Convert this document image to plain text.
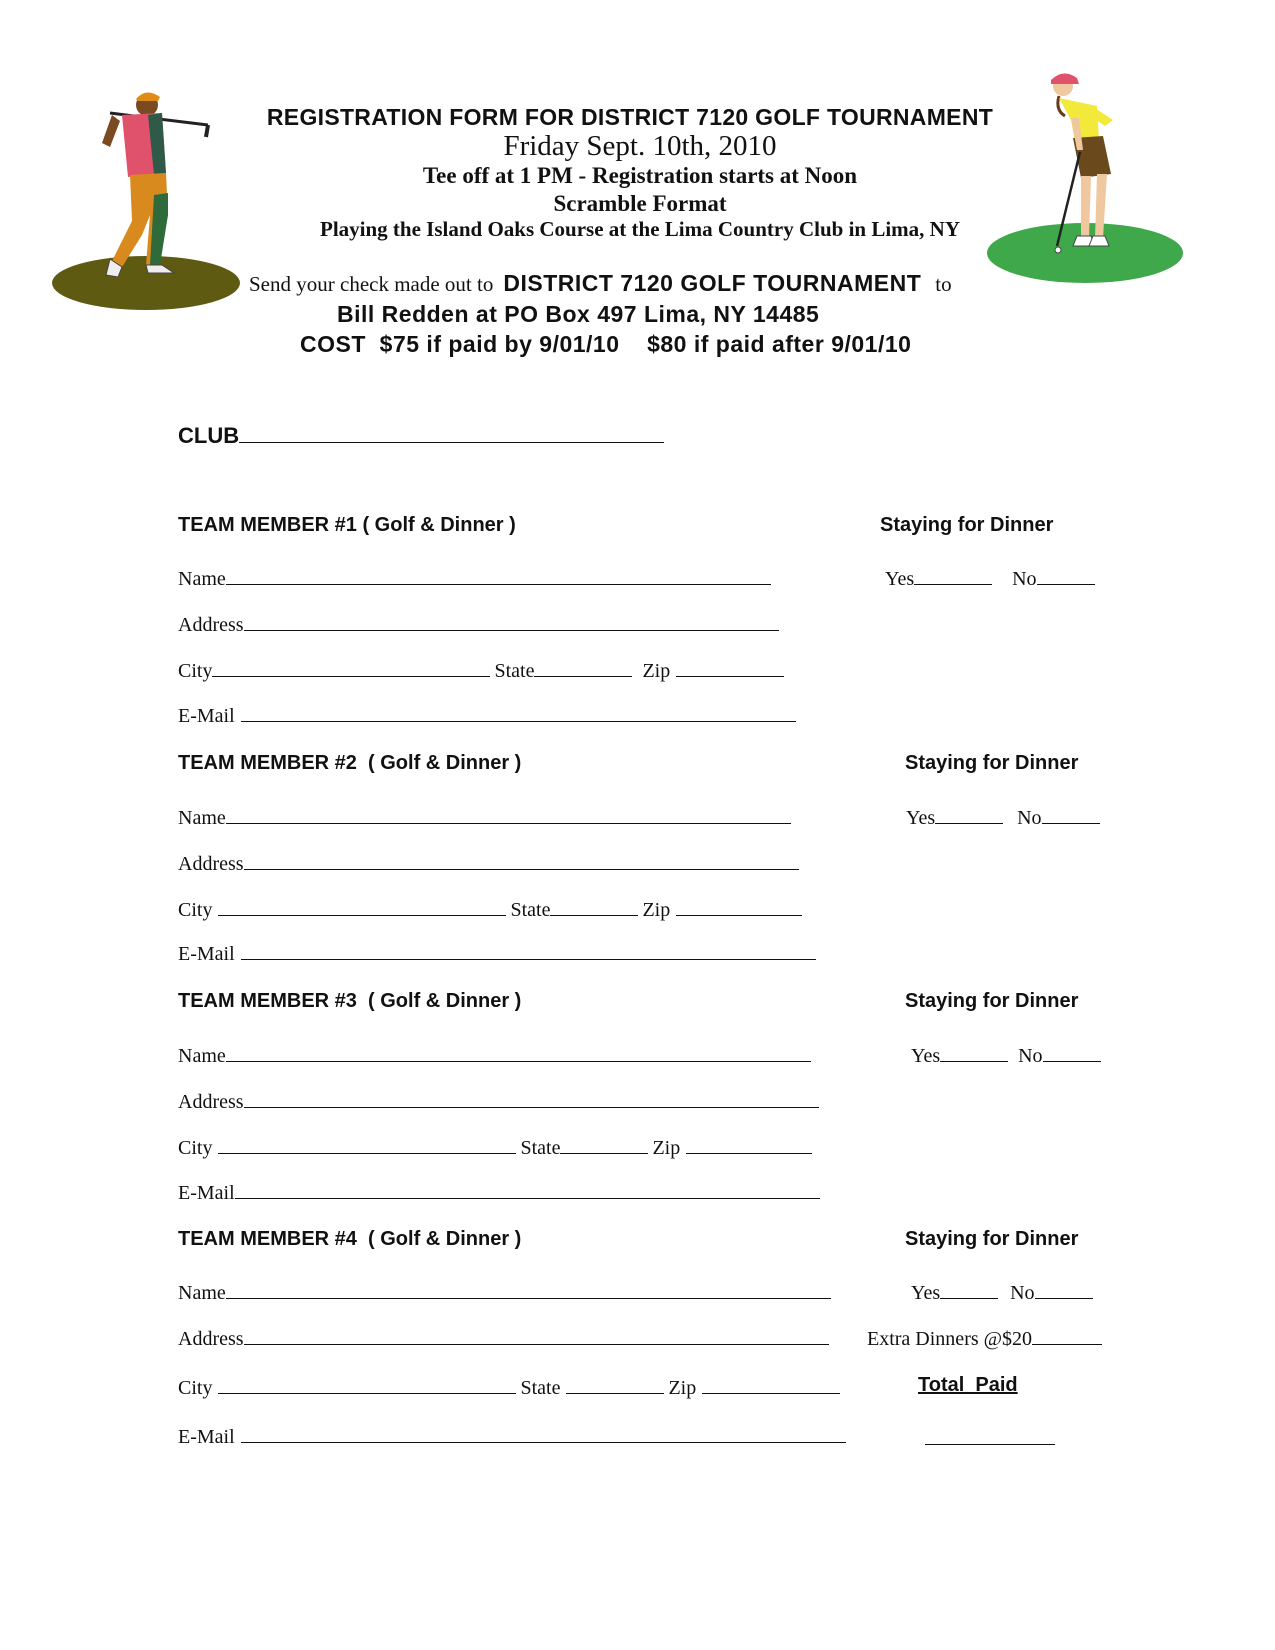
REGISTRATION FORM FOR DISTRICT 7120 GOLF TOURNAMENT
Friday Sept. 10th, 2010
Tee off at 1 PM - Registration starts at Noon
Scramble Format
Playing the Island Oaks Course at the Lima Country Club in Lima, NY
Send your check made out to DISTRICT 7120 GOLF TOURNAMENT to
Bill Redden at PO Box 497 Lima, NY 14485
COST  $75 if paid by 9/01/10    $80 if paid after 9/01/10
CLUB
TEAM MEMBER #1 ( Golf & Dinner )	Staying for Dinner
Name	Yes	No
Address
City	State	Zip
E-Mail
TEAM MEMBER #2  ( Golf & Dinner )	Staying for Dinner
Name	Yes	No
Address
City	State	Zip
E-Mail
TEAM MEMBER #3  ( Golf & Dinner )	Staying for Dinner
Name	Yes	No
Address
City	State	Zip
E-Mail
TEAM MEMBER #4  ( Golf & Dinner )	Staying for Dinner
Name	Yes	No
Address	Extra Dinners @$20
City	State	Zip	Total  Paid
E-Mail
